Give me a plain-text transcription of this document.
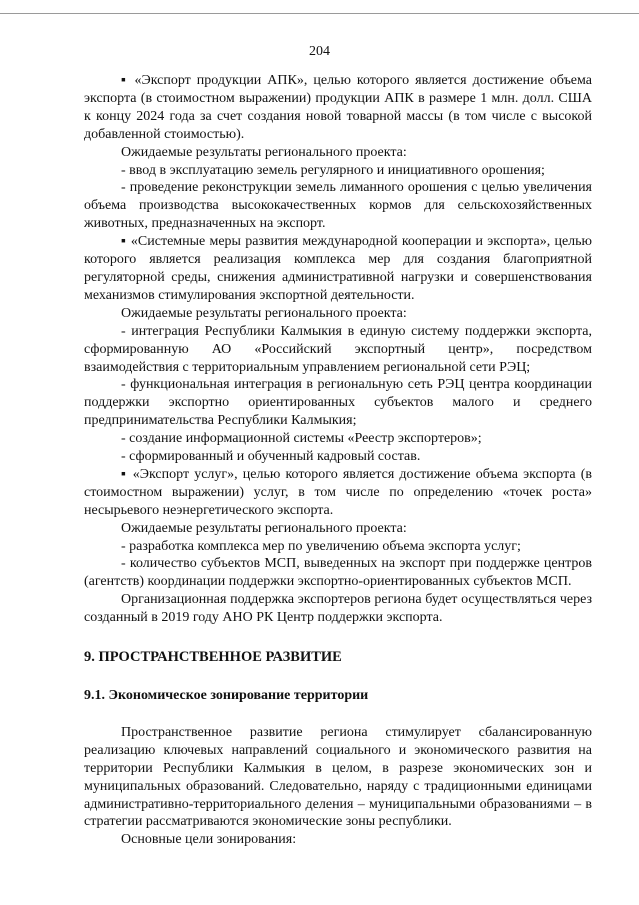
204

▪ «Экспорт продукции АПК», целью которого является достижение объема экспорта (в стоимостном выражении) продукции АПК в размере 1 млн. долл. США к концу 2024 года за счет создания новой товарной массы (в том числе с высокой добавленной стоимостью).

Ожидаемые результаты регионального проекта:

- ввод в эксплуатацию земель регулярного и инициативного орошения;

- проведение реконструкции земель лиманного орошения с целью увеличения объема производства высококачественных кормов для сельскохозяйственных животных, предназначенных на экспорт.

▪ «Системные меры развития международной кооперации и экспорта», целью которого является реализация комплекса мер для создания благоприятной регуляторной среды, снижения административной нагрузки и совершенствования механизмов стимулирования экспортной деятельности.

Ожидаемые результаты регионального проекта:

- интеграция Республики Калмыкия в единую систему поддержки экспорта, сформированную АО «Российский экспортный центр», посредством взаимодействия с территориальным управлением региональной сети РЭЦ;

- функциональная интеграция в региональную сеть РЭЦ центра координации поддержки экспортно ориентированных субъектов малого и среднего предпринимательства Республики Калмыкия;

- создание информационной системы «Реестр экспортеров»;

- сформированный и обученный кадровый состав.

▪ «Экспорт услуг», целью которого является достижение объема экспорта (в стоимостном выражении) услуг, в том числе по определению «точек роста» несырьевого неэнергетического экспорта.

Ожидаемые результаты регионального проекта:

- разработка комплекса мер по увеличению объема экспорта услуг;

- количество субъектов МСП, выведенных на экспорт при поддержке центров (агентств) координации поддержки экспортно-ориентированных субъектов МСП.

Организационная поддержка экспортеров региона будет осуществляться через созданный в 2019 году АНО РК Центр поддержки экспорта.

9. ПРОСТРАНСТВЕННОЕ РАЗВИТИЕ

9.1. Экономическое зонирование территории

Пространственное развитие региона стимулирует сбалансированную реализацию ключевых направлений социального и экономического развития на территории Республики Калмыкия в целом, в разрезе экономических зон и муниципальных образований. Следовательно, наряду с традиционными единицами административно-территориального деления – муниципальными образованиями – в стратегии рассматриваются экономические зоны республики.

Основные цели зонирования:
